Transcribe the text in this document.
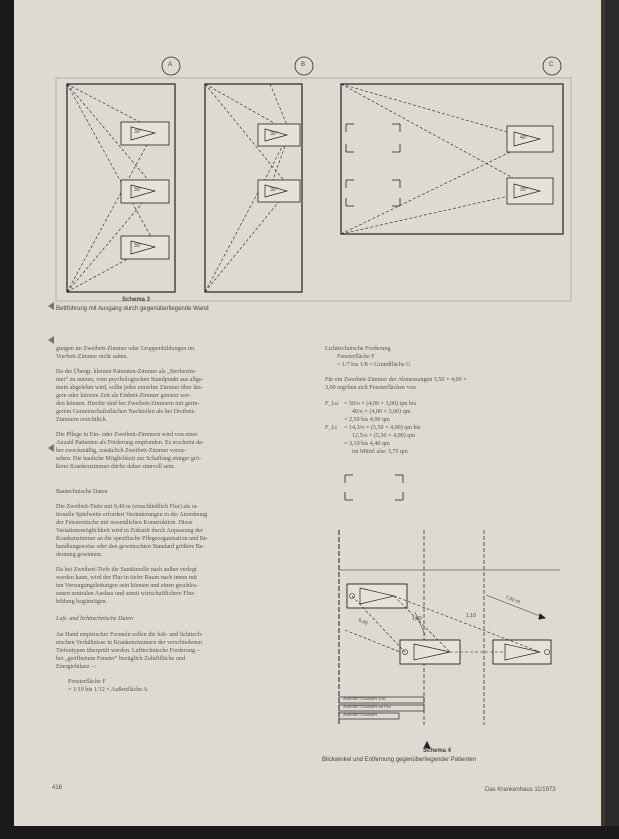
A	B	C
30°
30°
30°
30°
30°
40°
30°
Schema 3
Bettführung mit Ausgang durch gegenüberliegende Wand
gungen im Zweibett-Zimmer oder Gruppenbildungen im
Vierbett-Zimmer nicht sahen.
Da die Übergr. kleinen Patienten-Zimmer als „Sterbezim-
mer“ zu nutzen, vom psychologischen Standpunkt aus allge-
mein abgelehnt wird, sollte jedes einzelne Zimmer über län-
gere oder kürzere Zeit als Einbett-Zimmer genutzt wer-
den können. Hierfür sind bei Zweibett-Zimmern mit gerin-
gerem Gemeinschaftsflächen Nachteilen als bei Dreibett-
Zimmern ersichtlich.
Die Pflege in Ein- oder Zweibett-Zimmern wird von einer
Anzahl Patienten als Förderung empfunden. Es erscheint da-
her zweckmäßig, zusätzlich Zweibett-Zimmer vorzu-
sehen. Die bauliche Möglichkeit zur Schaffung einiger grö-
ßerer Krankenzimmer dürfte daher sinnvoll sein.
Bautechnische Daten
Die Zweibett-Tiefe mit 8,40 m (einschließlich Flur) als ra-
tionelle Spielweite erfordert Veränderungen in der Anordnung
der Fensternische mit wesentlichen Konstruktion. Diese
Variationsmöglichkeit wird in Zukunft durch Anpassung der
Krankenzimmer an die spezifische Pflegeorganisation und Be-
handlungsweise oder den gewünschten Standard größere Be-
deutung gewinnen.
Da bei Zweibett-Tiefe die Sanitärzelle nach außen verlegt
werden kann, wird der Flur in tiefer Raum nach innen mit
ten Versorgungsleitungen sein können und einen geschlos-
senen zentralen Ausbau und somit wirtschaftlichere Flur-
bildung begünstigen.
Luft- und lichttechnische Daten
An Hand empirischer Formeln sollen die luft- und lichttech-
nischen Verhältnisse in Krankenzimmern der verschiedenen
Tiefentypen überprüft werden. Lufttechnische Forderung –
bei „geöffnetem Fenster“ bezüglich Zuluftfläche und
Energiebilanz –:
Fensterfläche F
= 1/10 bis 1/12 × Außenfläche A
Lichttechnische Forderung
Fensterfläche F
= 1/7 bis 1/8 × Grundfläche G
Für ein Zweibett-Zimmer der Abmessungen 5,50 × 4,00 ×
3,00 ergeben sich Fensterflächen von
F_Lu = 50/o × (4,00 × 3,00) qm bis
40/o × (4,00 × 3,00) qm
= 2,50 bis 4,00 qm
F_Li = 14,3/o × (5,50 × 4,00) qm bis
12,5/o × (5,50 × 4,00) qm
= 3,10 bis 4,40 qm
im Mittel also 3,75 qm
7,50 m
5,00	1,00	1,10
ZWEIBETTZIMMER 3,50
ZWEIBETTZIMMER mit Flur
ZWEIBETTZIMMER
Schema 4
Blickwinkel und Entfernung gegenüberliegender Patienten
416	Das Krankenhaus 11/1973
